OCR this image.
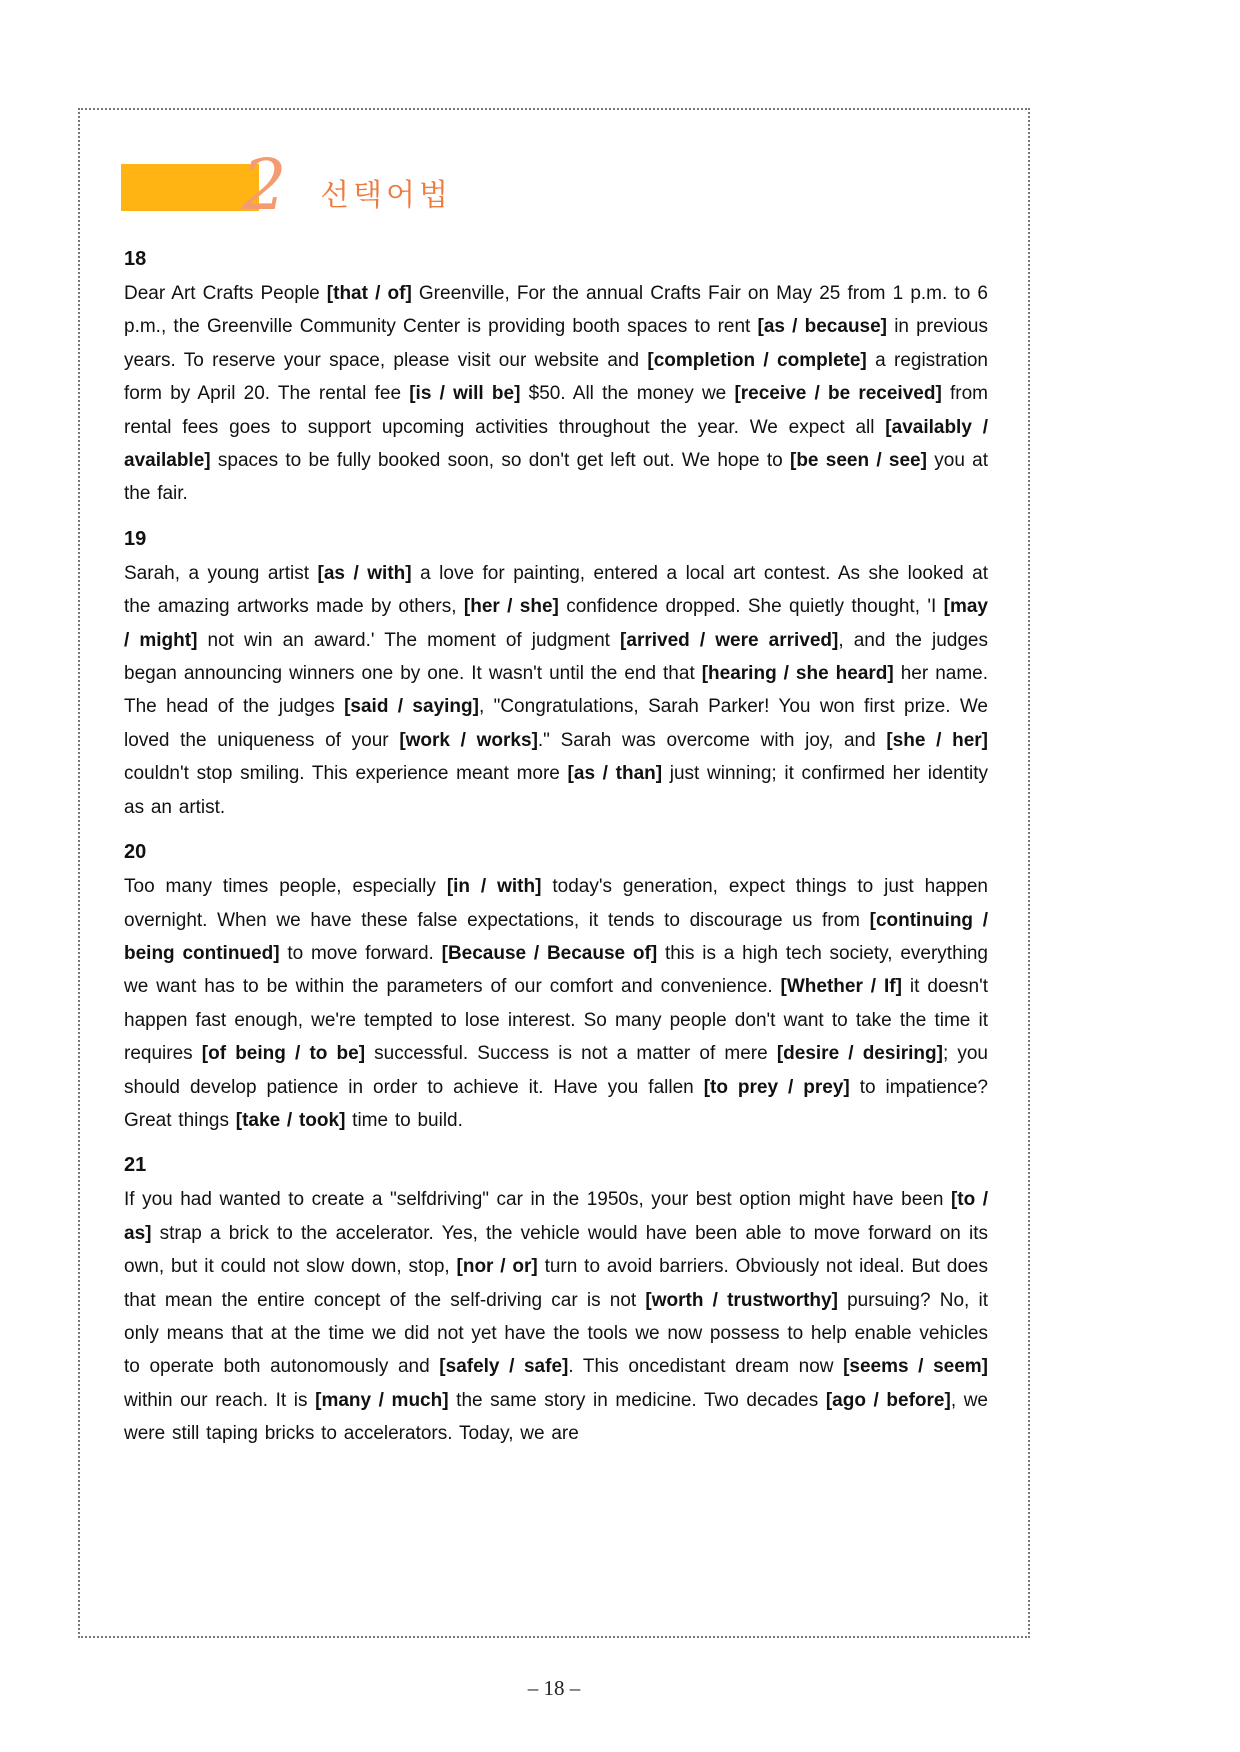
2 선택어법
18

Dear Art Crafts People [that / of] Greenville, For the annual Crafts Fair on May 25 from 1 p.m. to 6 p.m., the Greenville Community Center is providing booth spaces to rent [as / because] in previous years. To reserve your space, please visit our website and [completion / complete] a registration form by April 20. The rental fee [is / will be] $50. All the money we [receive / be received] from rental fees goes to support upcoming activities throughout the year. We expect all [availably / available] spaces to be fully booked soon, so don't get left out. We hope to [be seen / see] you at the fair.

19

Sarah, a young artist [as / with] a love for painting, entered a local art contest. As she looked at the amazing artworks made by others, [her / she] confidence dropped. She quietly thought, 'I [may / might] not win an award.' The moment of judgment [arrived / were arrived], and the judges began announcing winners one by one. It wasn't until the end that [hearing / she heard] her name. The head of the judges [said / saying], "Congratulations, Sarah Parker! You won first prize. We loved the uniqueness of your [work / works]." Sarah was overcome with joy, and [she / her] couldn't stop smiling. This experience meant more [as / than] just winning; it confirmed her identity as an artist.

20

Too many times people, especially [in / with] today's generation, expect things to just happen overnight. When we have these false expectations, it tends to discourage us from [continuing / being continued] to move forward. [Because / Because of] this is a high tech society, everything we want has to be within the parameters of our comfort and convenience. [Whether / If] it doesn't happen fast enough, we're tempted to lose interest. So many people don't want to take the time it requires [of being / to be] successful. Success is not a matter of mere [desire / desiring]; you should develop patience in order to achieve it. Have you fallen [to prey / prey] to impatience? Great things [take / took] time to build.

21

If you had wanted to create a "selfdriving" car in the 1950s, your best option might have been [to / as] strap a brick to the accelerator. Yes, the vehicle would have been able to move forward on its own, but it could not slow down, stop, [nor / or] turn to avoid barriers. Obviously not ideal. But does that mean the entire concept of the self-driving car is not [worth / trustworthy] pursuing? No, it only means that at the time we did not yet have the tools we now possess to help enable vehicles to operate both autonomously and [safely / safe]. This oncedistant dream now [seems / seem] within our reach. It is [many / much] the same story in medicine. Two decades [ago / before], we were still taping bricks to accelerators. Today, we are

– 18 –
